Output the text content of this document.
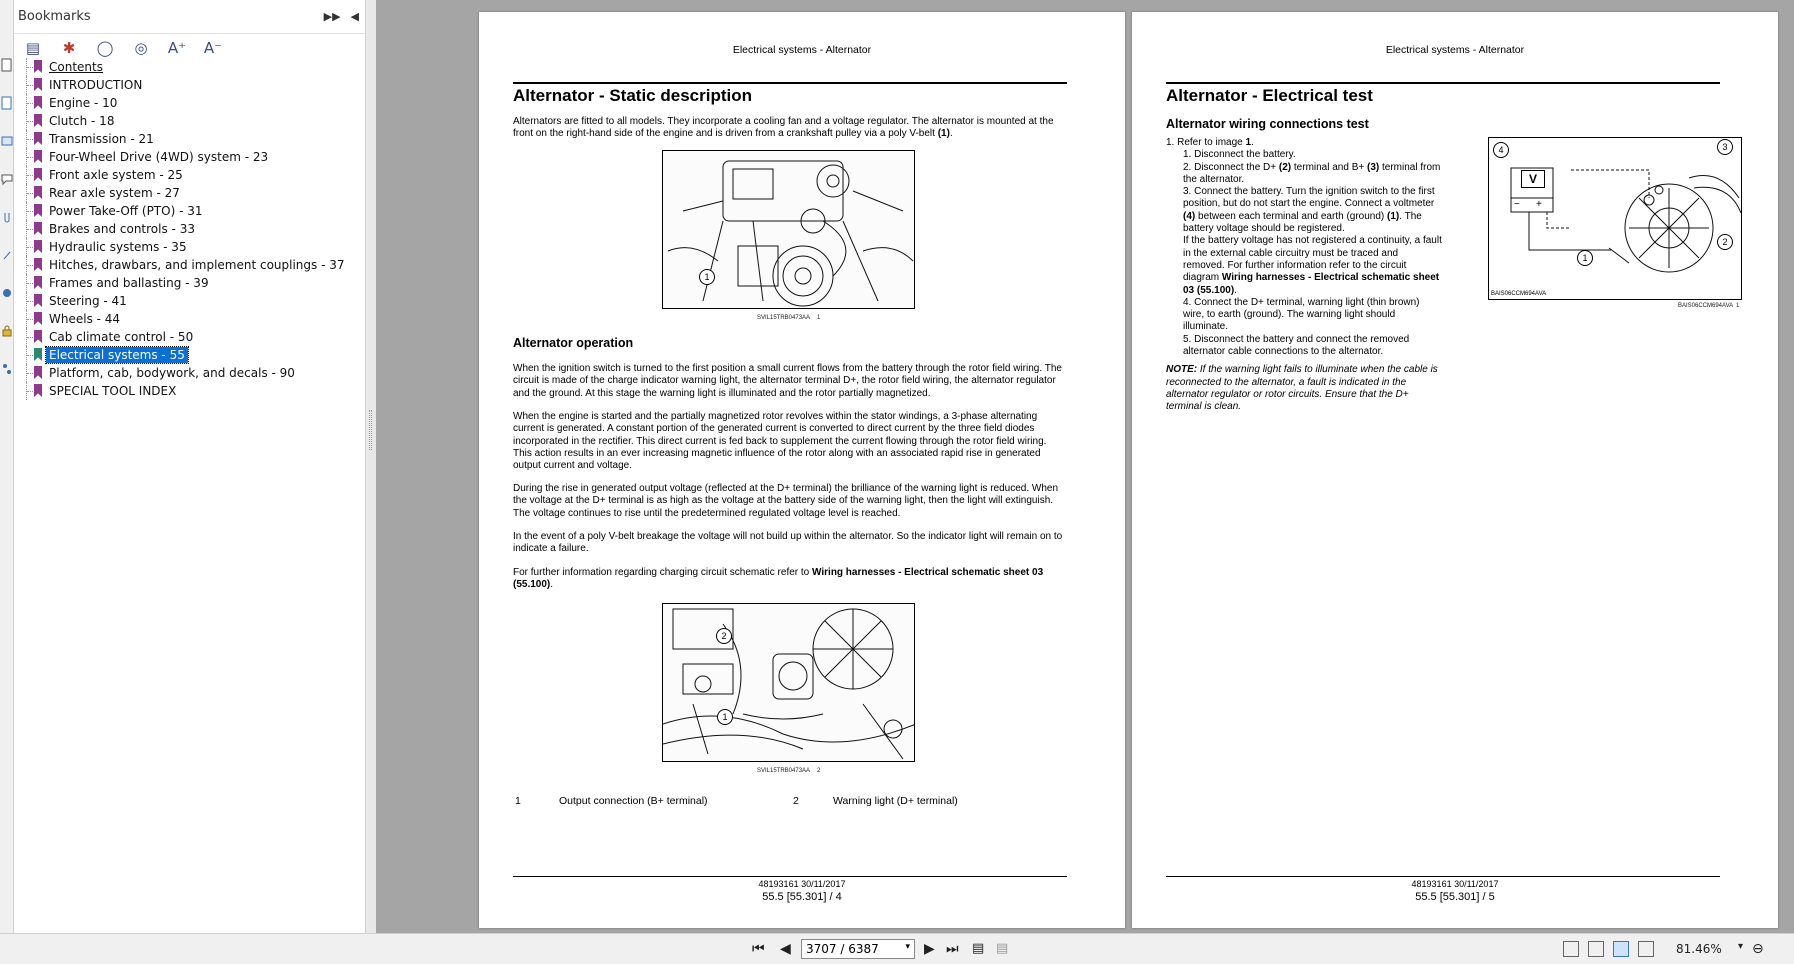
Bookmarks	▶▶ ◀
▤ ✱ ◯ ◎ A⁺ A⁻
Contents
INTRODUCTION
Engine - 10
Clutch - 18
Transmission - 21
Four-Wheel Drive (4WD) system - 23
Front axle system - 25
Rear axle system - 27
Power Take-Off (PTO) - 31
Brakes and controls - 33
Hydraulic systems - 35
Hitches, drawbars, and implement couplings - 37
Frames and ballasting - 39
Steering - 41
Wheels - 44
Cab climate control - 50
Electrical systems - 55
Platform, cab, bodywork, and decals - 90
SPECIAL TOOL INDEX
Electrical systems - Alternator
Alternator - Static description
Alternators are fitted to all models. They incorporate a cooling fan and a voltage regulator. The alternator is mounted at the front on the right-hand side of the engine and is driven from a crankshaft pulley via a poly V-belt (1).
1
SVIL15TRB0473AA 1
Alternator operation
When the ignition switch is turned to the first position a small current flows from the battery through the rotor field wiring. The circuit is made of the charge indicator warning light, the alternator terminal D+, the rotor field wiring, the alternator regulator and the ground. At this stage the warning light is illuminated and the rotor partially magnetized.
When the engine is started and the partially magnetized rotor revolves within the stator windings, a 3-phase alternating current is generated. A constant portion of the generated current is converted to direct current by the three field diodes incorporated in the rectifier. This direct current is fed back to supplement the current flowing through the rotor field wiring. This action results in an ever increasing magnetic influence of the rotor along with an associated rapid rise in generated output current and voltage.
During the rise in generated output voltage (reflected at the D+ terminal) the brilliance of the warning light is reduced. When the voltage at the D+ terminal is as high as the voltage at the battery side of the warning light, then the light will extinguish. The voltage continues to rise until the predetermined regulated voltage level is reached.
In the event of a poly V-belt breakage the voltage will not build up within the alternator. So the indicator light will remain on to indicate a failure.
For further information regarding charging circuit schematic refer to Wiring harnesses - Electrical schematic sheet 03 (55.100).
2
1
SVIL15TRB0473AA 2
1	Output connection (B+ terminal)	2	Warning light (D+ terminal)
48193161 30/11/2017
55.5 [55.301] / 4
Electrical systems - Alternator
Alternator - Electrical test
Alternator wiring connections test
1. Refer to image 1.
1. Disconnect the battery.
2. Disconnect the D+ (2) terminal and B+ (3) terminal from the alternator.
3. Connect the battery. Turn the ignition switch to the first position, but do not start the engine. Connect a voltmeter (4) between each terminal and earth (ground) (1). The battery voltage should be registered.
If the battery voltage has not registered a continuity, a fault in the external cable circuitry must be traced and removed. For further information refer to the circuit diagram Wiring harnesses - Electrical schematic sheet 03 (55.100).
4. Connect the D+ terminal, warning light (thin brown) wire, to earth (ground). The warning light should illuminate.
5. Disconnect the battery and connect the removed alternator cable connections to the alternator.
NOTE: If the warning light fails to illuminate when the cable is reconnected to the alternator, a fault is indicated in the alternator regulator or rotor circuits. Ensure that the D+ terminal is clean.
V
− +
4	3
2
1
BAIS06CCM694AVA
BAIS06CCM694AVA 1
48193161 30/11/2017
55.5 [55.301] / 5
⏮ ◀ 3707 / 6387	▾ ▶ ⏭ ▤ ▤	81.46% ▾ ⊖
